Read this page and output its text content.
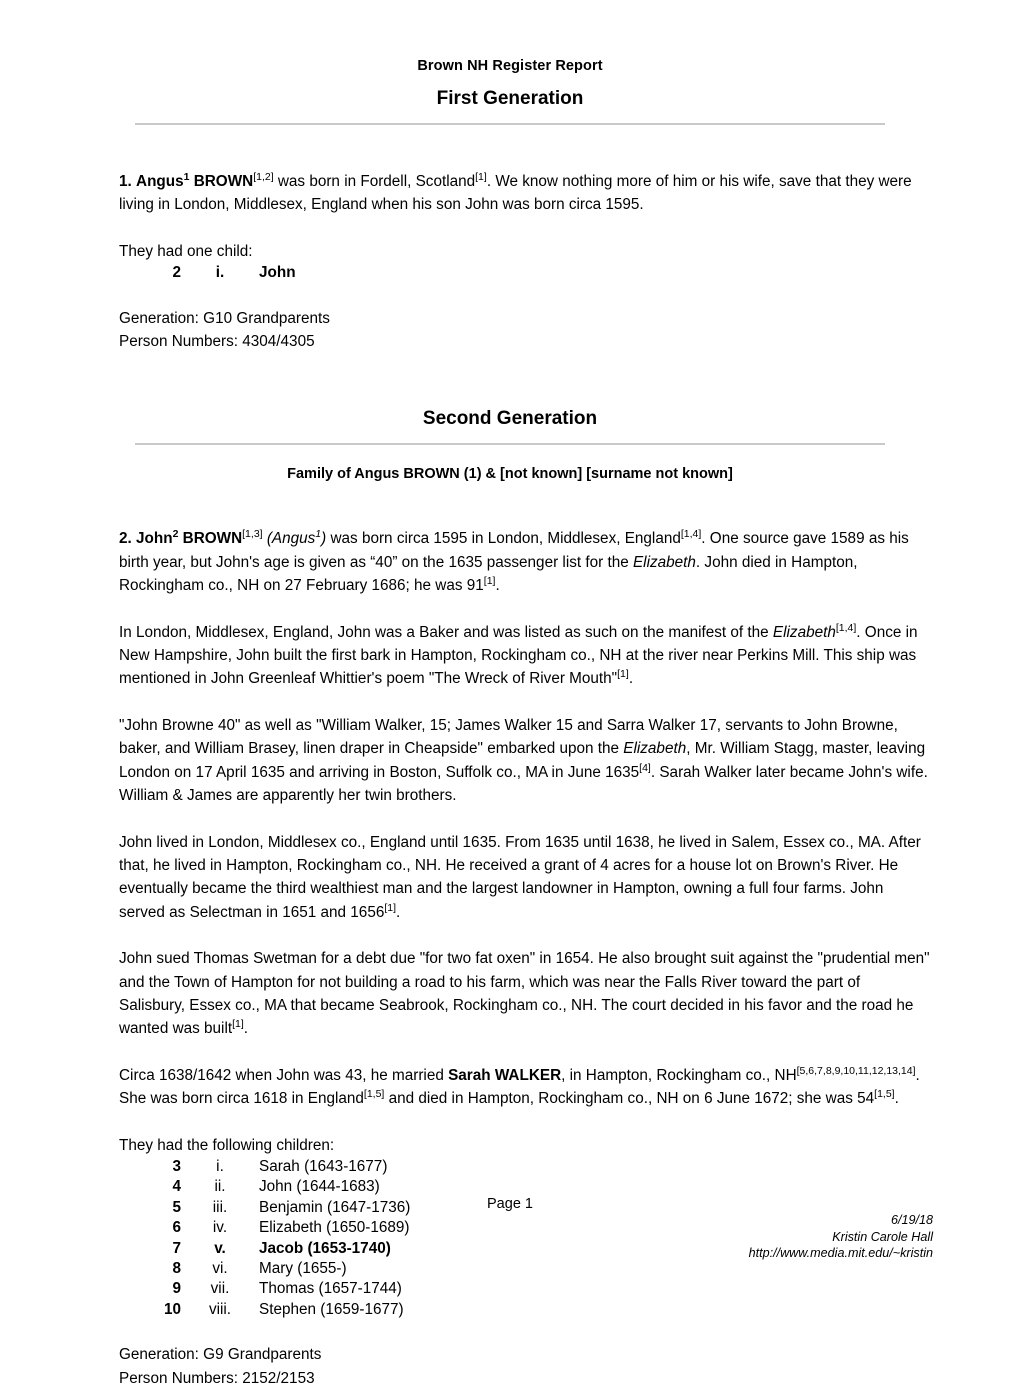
Brown NH Register Report
First Generation

1. Angus$^1$ BROWN[1,2] was born in Fordell, Scotland[1]. We know nothing more of him or his wife, save that they were living in London, Middlesex, England when his son John was born circa 1595.

They had one child:

2	i.	John

Generation: G10 Grandparents

Person Numbers: 4304/4305

Second Generation
Family of Angus BROWN (1) & [not known] [surname not known]

2. John$^2$ BROWN[1,3] (Angus$^1$) was born circa 1595 in London, Middlesex, England[1,4]. One source gave 1589 as his birth year, but John's age is given as “40” on the 1635 passenger list for the Elizabeth. John died in Hampton, Rockingham co., NH on 27 February 1686; he was 91[1].

In London, Middlesex, England, John was a Baker and was listed as such on the manifest of the Elizabeth[1,4]. Once in New Hampshire, John built the first bark in Hampton, Rockingham co., NH at the river near Perkins Mill. This ship was mentioned in John Greenleaf Whittier's poem "The Wreck of River Mouth"[1].

"John Browne 40" as well as "William Walker, 15; James Walker 15 and Sarra Walker 17, servants to John Browne, baker, and William Brasey, linen draper in Cheapside" embarked upon the Elizabeth, Mr. William Stagg, master, leaving London on 17 April 1635 and arriving in Boston, Suffolk co., MA in June 1635[4]. Sarah Walker later became John's wife. William & James are apparently her twin brothers.

John lived in London, Middlesex co., England until 1635. From 1635 until 1638, he lived in Salem, Essex co., MA. After that, he lived in Hampton, Rockingham co., NH. He received a grant of 4 acres for a house lot on Brown's River. He eventually became the third wealthiest man and the largest landowner in Hampton, owning a full four farms. John served as Selectman in 1651 and 1656[1].

John sued Thomas Swetman for a debt due "for two fat oxen" in 1654. He also brought suit against the "prudential men" and the Town of Hampton for not building a road to his farm, which was near the Falls River toward the part of Salisbury, Essex co., MA that became Seabrook, Rockingham co., NH. The court decided in his favor and the road he wanted was built[1].

Circa 1638/1642 when John was 43, he married Sarah WALKER, in Hampton, Rockingham co., NH[5,6,7,8,9,10,11,12,13,14]. She was born circa 1618 in England[1,5] and died in Hampton, Rockingham co., NH on 6 June 1672; she was 54[1,5].

They had the following children:

3	i.	Sarah (1643-1677)
4	ii.	John (1644-1683)
5	iii.	Benjamin (1647-1736)
6	iv.	Elizabeth (1650-1689)
7	v.	Jacob (1653-1740)
8	vi.	Mary (1655-)
9	vii.	Thomas (1657-1744)
10	viii.	Stephen (1659-1677)

Generation: G9 Grandparents

Person Numbers: 2152/2153

Page 1
6/19/18
Kristin Carole Hall
http://www.media.mit.edu/~kristin
